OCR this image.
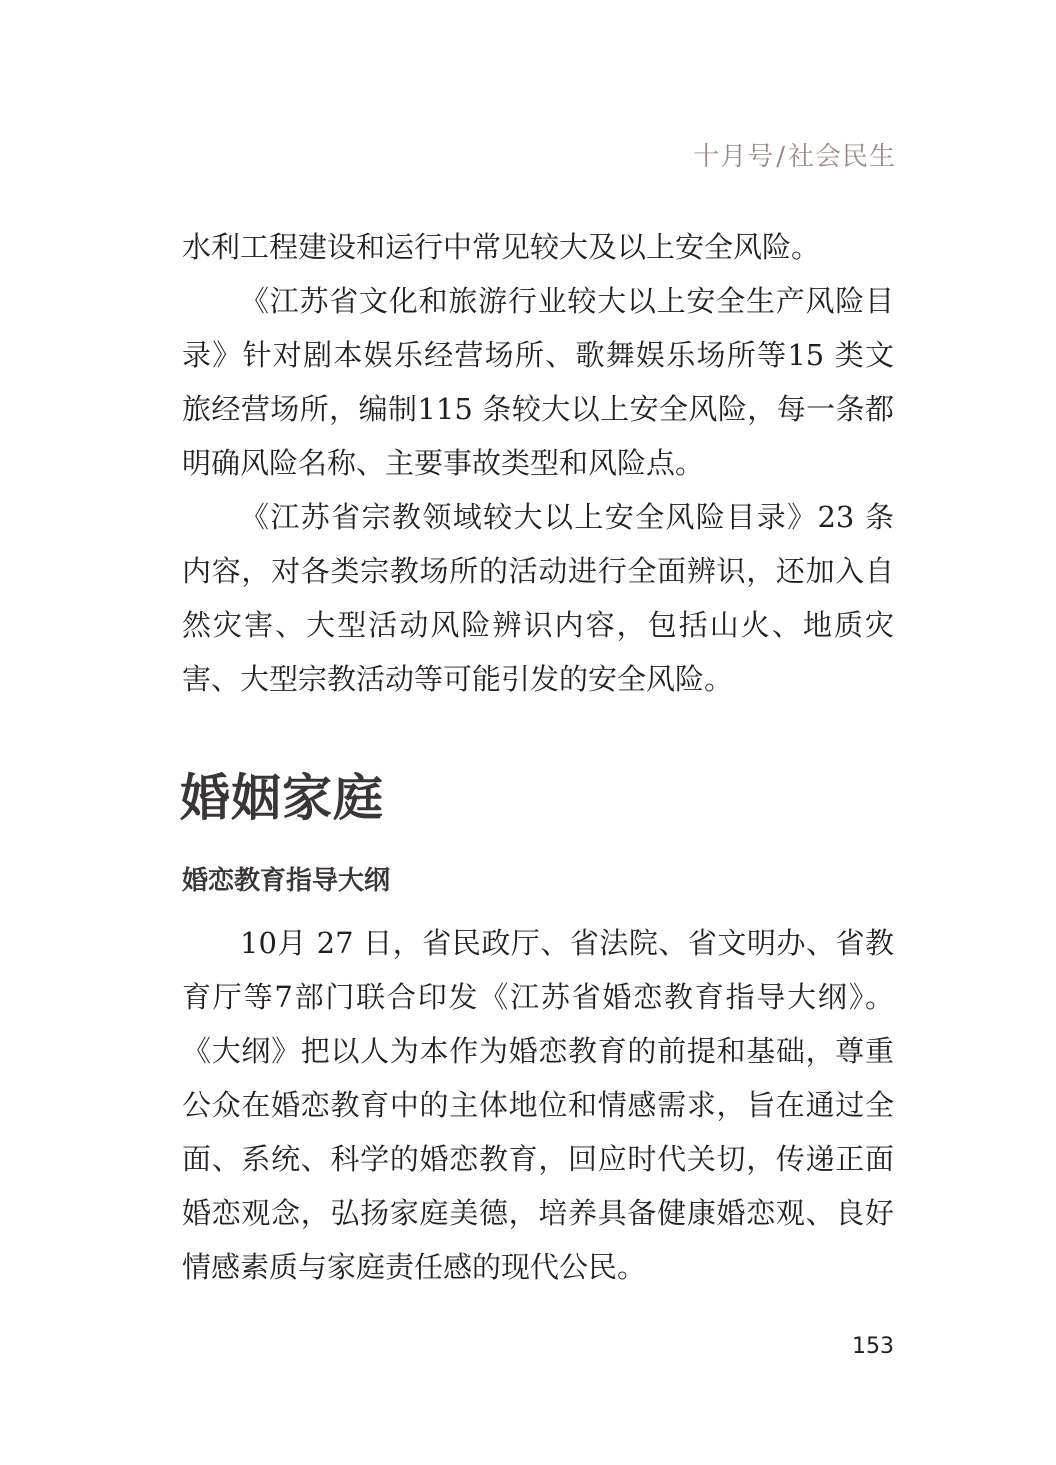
十月号/社会民生

水利工程建设和运行中常见较大及以上安全风险。

《江苏省文化和旅游行业较大以上安全生产风险目录》针对剧本娱乐经营场所、歌舞娱乐场所等15 类文旅经营场所，编制115 条较大以上安全风险，每一条都明确风险名称、主要事故类型和风险点。

《江苏省宗教领域较大以上安全风险目录》23 条内容，对各类宗教场所的活动进行全面辨识，还加入自然灾害、大型活动风险辨识内容，包括山火、地质灾害、大型宗教活动等可能引发的安全风险。

婚姻家庭
婚恋教育指导大纲

10月 27 日，省民政厅、省法院、省文明办、省教育厅等7部门联合印发《江苏省婚恋教育指导大纲》。《大纲》把以人为本作为婚恋教育的前提和基础，尊重公众在婚恋教育中的主体地位和情感需求，旨在通过全面、系统、科学的婚恋教育，回应时代关切，传递正面婚恋观念，弘扬家庭美德，培养具备健康婚恋观、良好情感素质与家庭责任感的现代公民。

153
